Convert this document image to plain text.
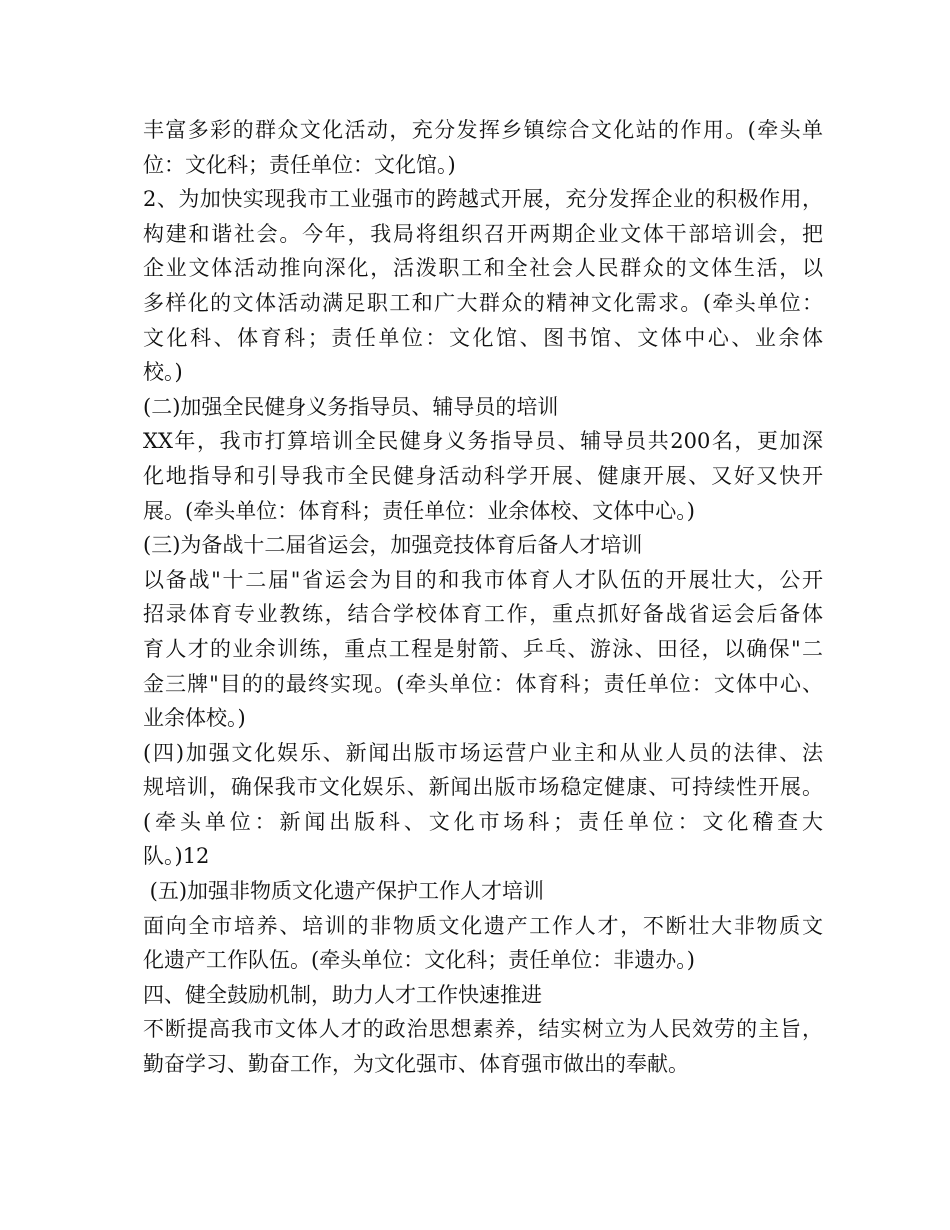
丰富多彩的群众文化活动，充分发挥乡镇综合文化站的作用。(牵头单
位：文化科；责任单位：文化馆。)
2、为加快实现我市工业强市的跨越式开展，充分发挥企业的积极作用，
构建和谐社会。今年，我局将组织召开两期企业文体干部培训会，把
企业文体活动推向深化，活泼职工和全社会人民群众的文体生活，以
多样化的文体活动满足职工和广大群众的精神文化需求。(牵头单位：
文化科、体育科；责任单位：文化馆、图书馆、文体中心、业余体
校。)
(二)加强全民健身义务指导员、辅导员的培训
XX年，我市打算培训全民健身义务指导员、辅导员共200名，更加深
化地指导和引导我市全民健身活动科学开展、健康开展、又好又快开
展。(牵头单位：体育科；责任单位：业余体校、文体中心。)
(三)为备战十二届省运会，加强竞技体育后备人才培训
以备战"十二届"省运会为目的和我市体育人才队伍的开展壮大，公开
招录体育专业教练，结合学校体育工作，重点抓好备战省运会后备体
育人才的业余训练，重点工程是射箭、乒乓、游泳、田径，以确保"二
金三牌"目的的最终实现。(牵头单位：体育科；责任单位：文体中心、
业余体校。)
(四)加强文化娱乐、新闻出版市场运营户业主和从业人员的法律、法
规培训，确保我市文化娱乐、新闻出版市场稳定健康、可持续性开展。
(牵头单位：新闻出版科、文化市场科；责任单位：文化稽查大
队。)12
(五)加强非物质文化遗产保护工作人才培训
面向全市培养、培训的非物质文化遗产工作人才，不断壮大非物质文
化遗产工作队伍。(牵头单位：文化科；责任单位：非遗办。)
四、健全鼓励机制，助力人才工作快速推进
不断提高我市文体人才的政治思想素养，结实树立为人民效劳的主旨，
勤奋学习、勤奋工作，为文化强市、体育强市做出的奉献。
